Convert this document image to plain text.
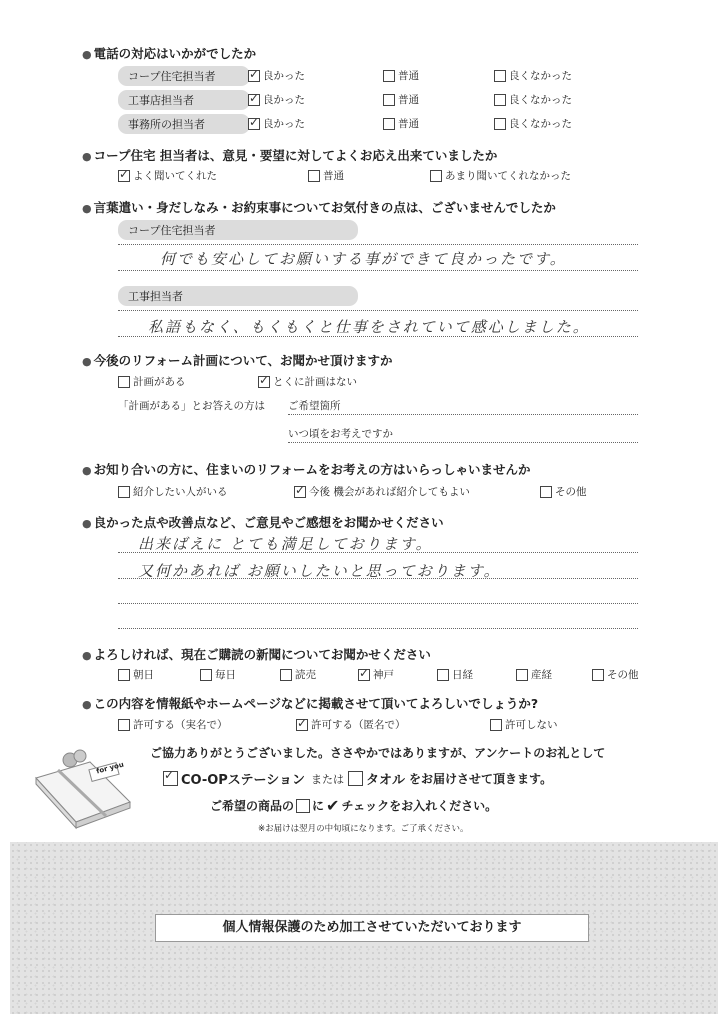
● 電話の対応はいかがでしたか
コープ住宅担当者 ✓	良かった	普通	良くなかった
工事店担当者 ✓	良かった	普通	良くなかった
事務所の担当者 ✓	良かった	普通	良くなかった
● コープ住宅 担当者は、意見・要望に対してよくお応え出来ていましたか
✓
よく聞いてくれた	普通	あまり聞いてくれなかった
● 言葉遣い・身だしなみ・お約束事についてお気付きの点は、ございませんでしたか
コープ住宅担当者
何でも安心してお願いする事ができて良かったです。
工事担当者
私語もなく、もくもくと仕事をされていて感心しました。
● 今後のリフォーム計画について、お聞かせ頂けますか
計画がある ✓	とくに計画はない
「計画がある」とお答えの方は ご希望箇所
いつ頃をお考えですか
● お知り合いの方に、住まいのリフォームをお考えの方はいらっしゃいませんか
紹介したい人がいる ✓	今後 機会があれば紹介してもよい	その他
● 良かった点や改善点など、ご意見やご感想をお聞かせください
出来ばえに とても満足しております。
又何かあれば お願いしたいと思っております。
● よろしければ、現在ご購読の新聞についてお聞かせください
朝日	毎日	読売 ✓	神戸	日経	産経	その他
● この内容を情報紙やホームページなどに掲載させて頂いてよろしいでしょうか?
許可する（実名で） ✓	許可する（匿名で）	許可しない
for you
ご協力ありがとうございました。ささやかではありますが、アンケートのお礼として
✓
CO-OPステーション または タオル をお届けさせて頂きます。
ご希望の商品の に ✔ チェックをお入れください。
※お届けは翌月の中旬頃になります。ご了承ください。
個人情報保護のため加工させていただいております
